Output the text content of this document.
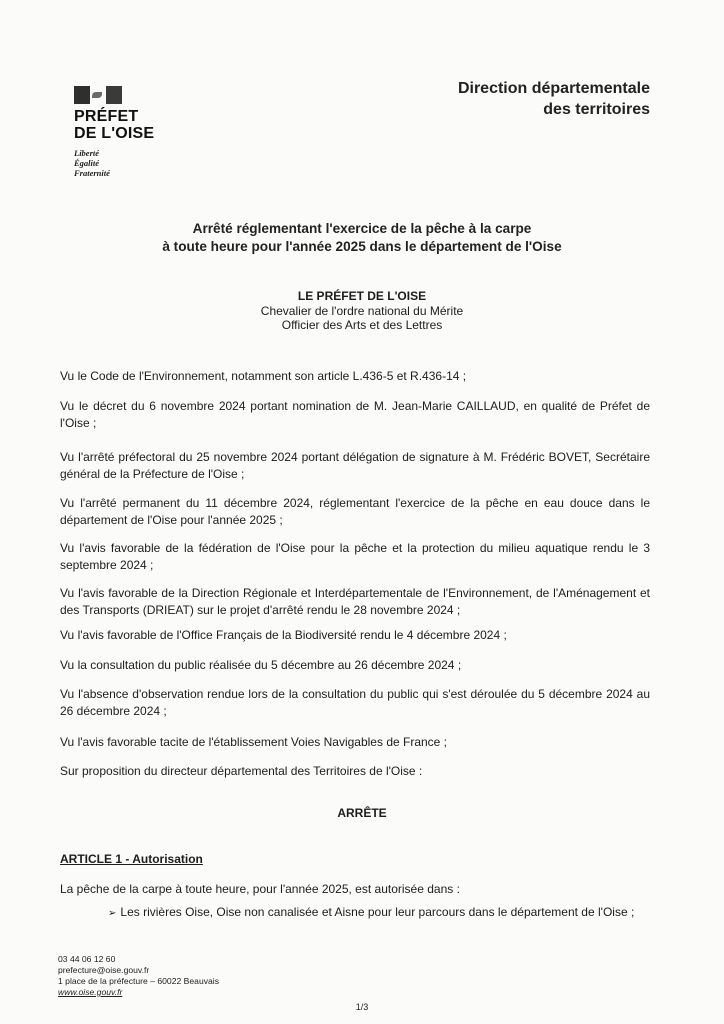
PRÉFET
DE L'OISE
Liberté
Égalité
Fraternité
Direction départementale
des territoires
Arrêté réglementant l'exercice de la pêche à la carpe
à toute heure pour l'année 2025 dans le département de l'Oise
LE PRÉFET DE L'OISE
Chevalier de l'ordre national du Mérite
Officier des Arts et des Lettres

Vu le Code de l'Environnement, notamment son article L.436-5 et R.436-14 ;

Vu le décret du 6 novembre 2024 portant nomination de M. Jean-Marie CAILLAUD, en qualité de Préfet de l'Oise ;

Vu l'arrêté préfectoral du 25 novembre 2024 portant délégation de signature à M. Frédéric BOVET, Secrétaire général de la Préfecture de l'Oise ;

Vu l'arrêté permanent du 11 décembre 2024, réglementant l'exercice de la pêche en eau douce dans le département de l'Oise pour l'année 2025 ;

Vu l'avis favorable de la fédération de l'Oise pour la pêche et la protection du milieu aquatique rendu le 3 septembre 2024 ;

Vu l'avis favorable de la Direction Régionale et Interdépartementale de l'Environnement, de l'Aménagement et des Transports (DRIEAT) sur le projet d'arrêté rendu le 28 novembre 2024 ;

Vu l'avis favorable de l'Office Français de la Biodiversité rendu le 4 décembre 2024 ;

Vu la consultation du public réalisée du 5 décembre au 26 décembre 2024 ;

Vu l'absence d'observation rendue lors de la consultation du public qui s'est déroulée du 5 décembre 2024 au 26 décembre 2024 ;

Vu l'avis favorable tacite de l'établissement Voies Navigables de France ;

Sur proposition du directeur départemental des Territoires de l'Oise :

ARRÊTE
ARTICLE 1 - Autorisation

La pêche de la carpe à toute heure, pour l'année 2025, est autorisée dans :

➢ Les rivières Oise, Oise non canalisée et Aisne pour leur parcours dans le département de l'Oise ;
03 44 06 12 60
prefecture@oise.gouv.fr
1 place de la préfecture – 60022 Beauvais
www.oise.gouv.fr
1/3
